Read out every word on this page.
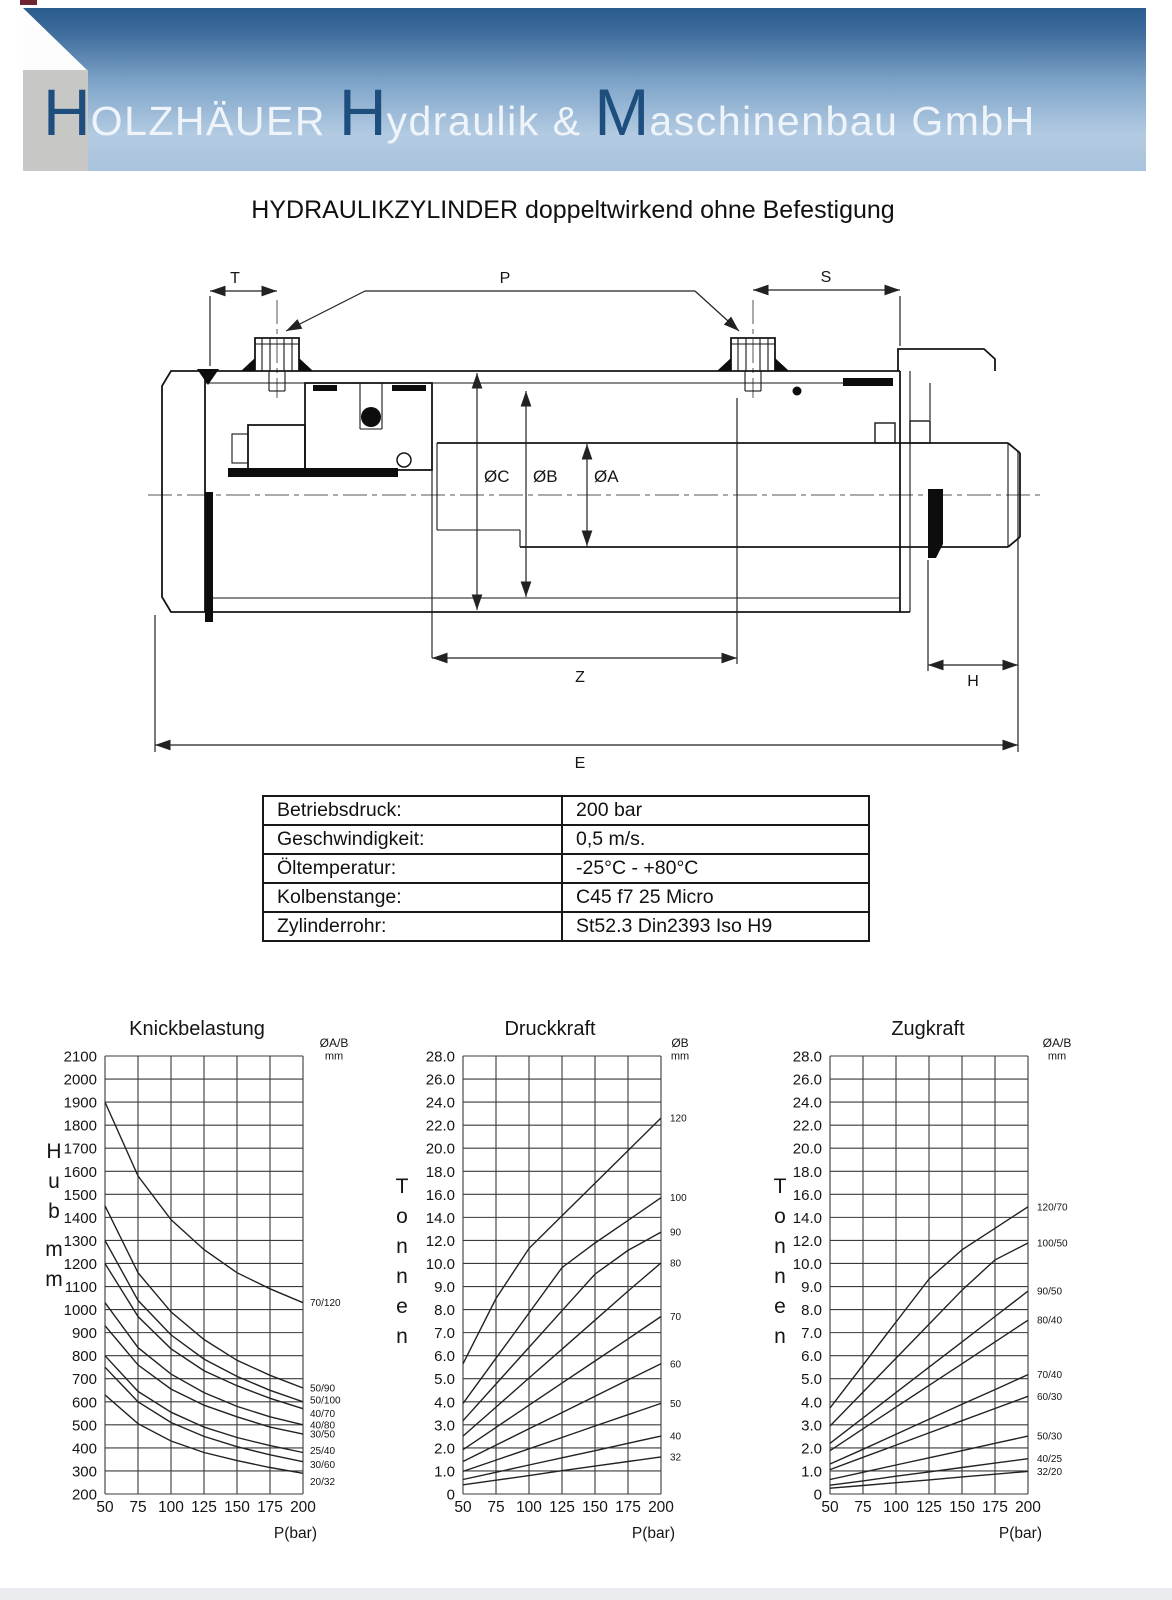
H OLZHÄUER H ydraulik & M aschinenbau GmbH
HYDRAULIKZYLINDER doppeltwirkend ohne Befestigung
T	P	S
ØC ØB ØA
Z	H
E
Betriebsdruck:	200 bar
Geschwindigkeit:	0,5 m/s.
Öltemperatur:	-25°C - +80°C
Kolbenstange:	C45 f7 25 Micro
Zylinderrohr:	St52.3 Din2393 Iso H9
2100
2000
1900
1800
1700
1600
1500
1400
1300
1200
1100
1000
900
800
700
600
500
400
300
200
50 75 100 125 150 175 200
Knickbelastung
ØA/B
mm
P(bar)
H
u
b
m
m
70/120
50/90
50/100
40/70
40/80
30/50
25/40
30/60
20/32
28.0
26.0
24.0
22.0
20.0
18.0
16.0
14.0
12.0
10.0
9.0
8.0
7.0
6.0
5.0
4.0
3.0
2.0
1.0
0
50 75 100 125 150 175 200
Druckkraft
ØB
mm
P(bar)
T
o
n
n
e
n
120
100
90
80
70
60
50
40
32
28.0
26.0
24.0
22.0
20.0
18.0
16.0
14.0
12.0
10.0
9.0
8.0
7.0
6.0
5.0
4.0
3.0
2.0
1.0
0
50 75 100 125 150 175 200
Zugkraft
ØA/B
mm
P(bar)
T
o
n
n
e
n
120/70
100/50
90/50
80/40
70/40
60/30
50/30
40/25
32/20
